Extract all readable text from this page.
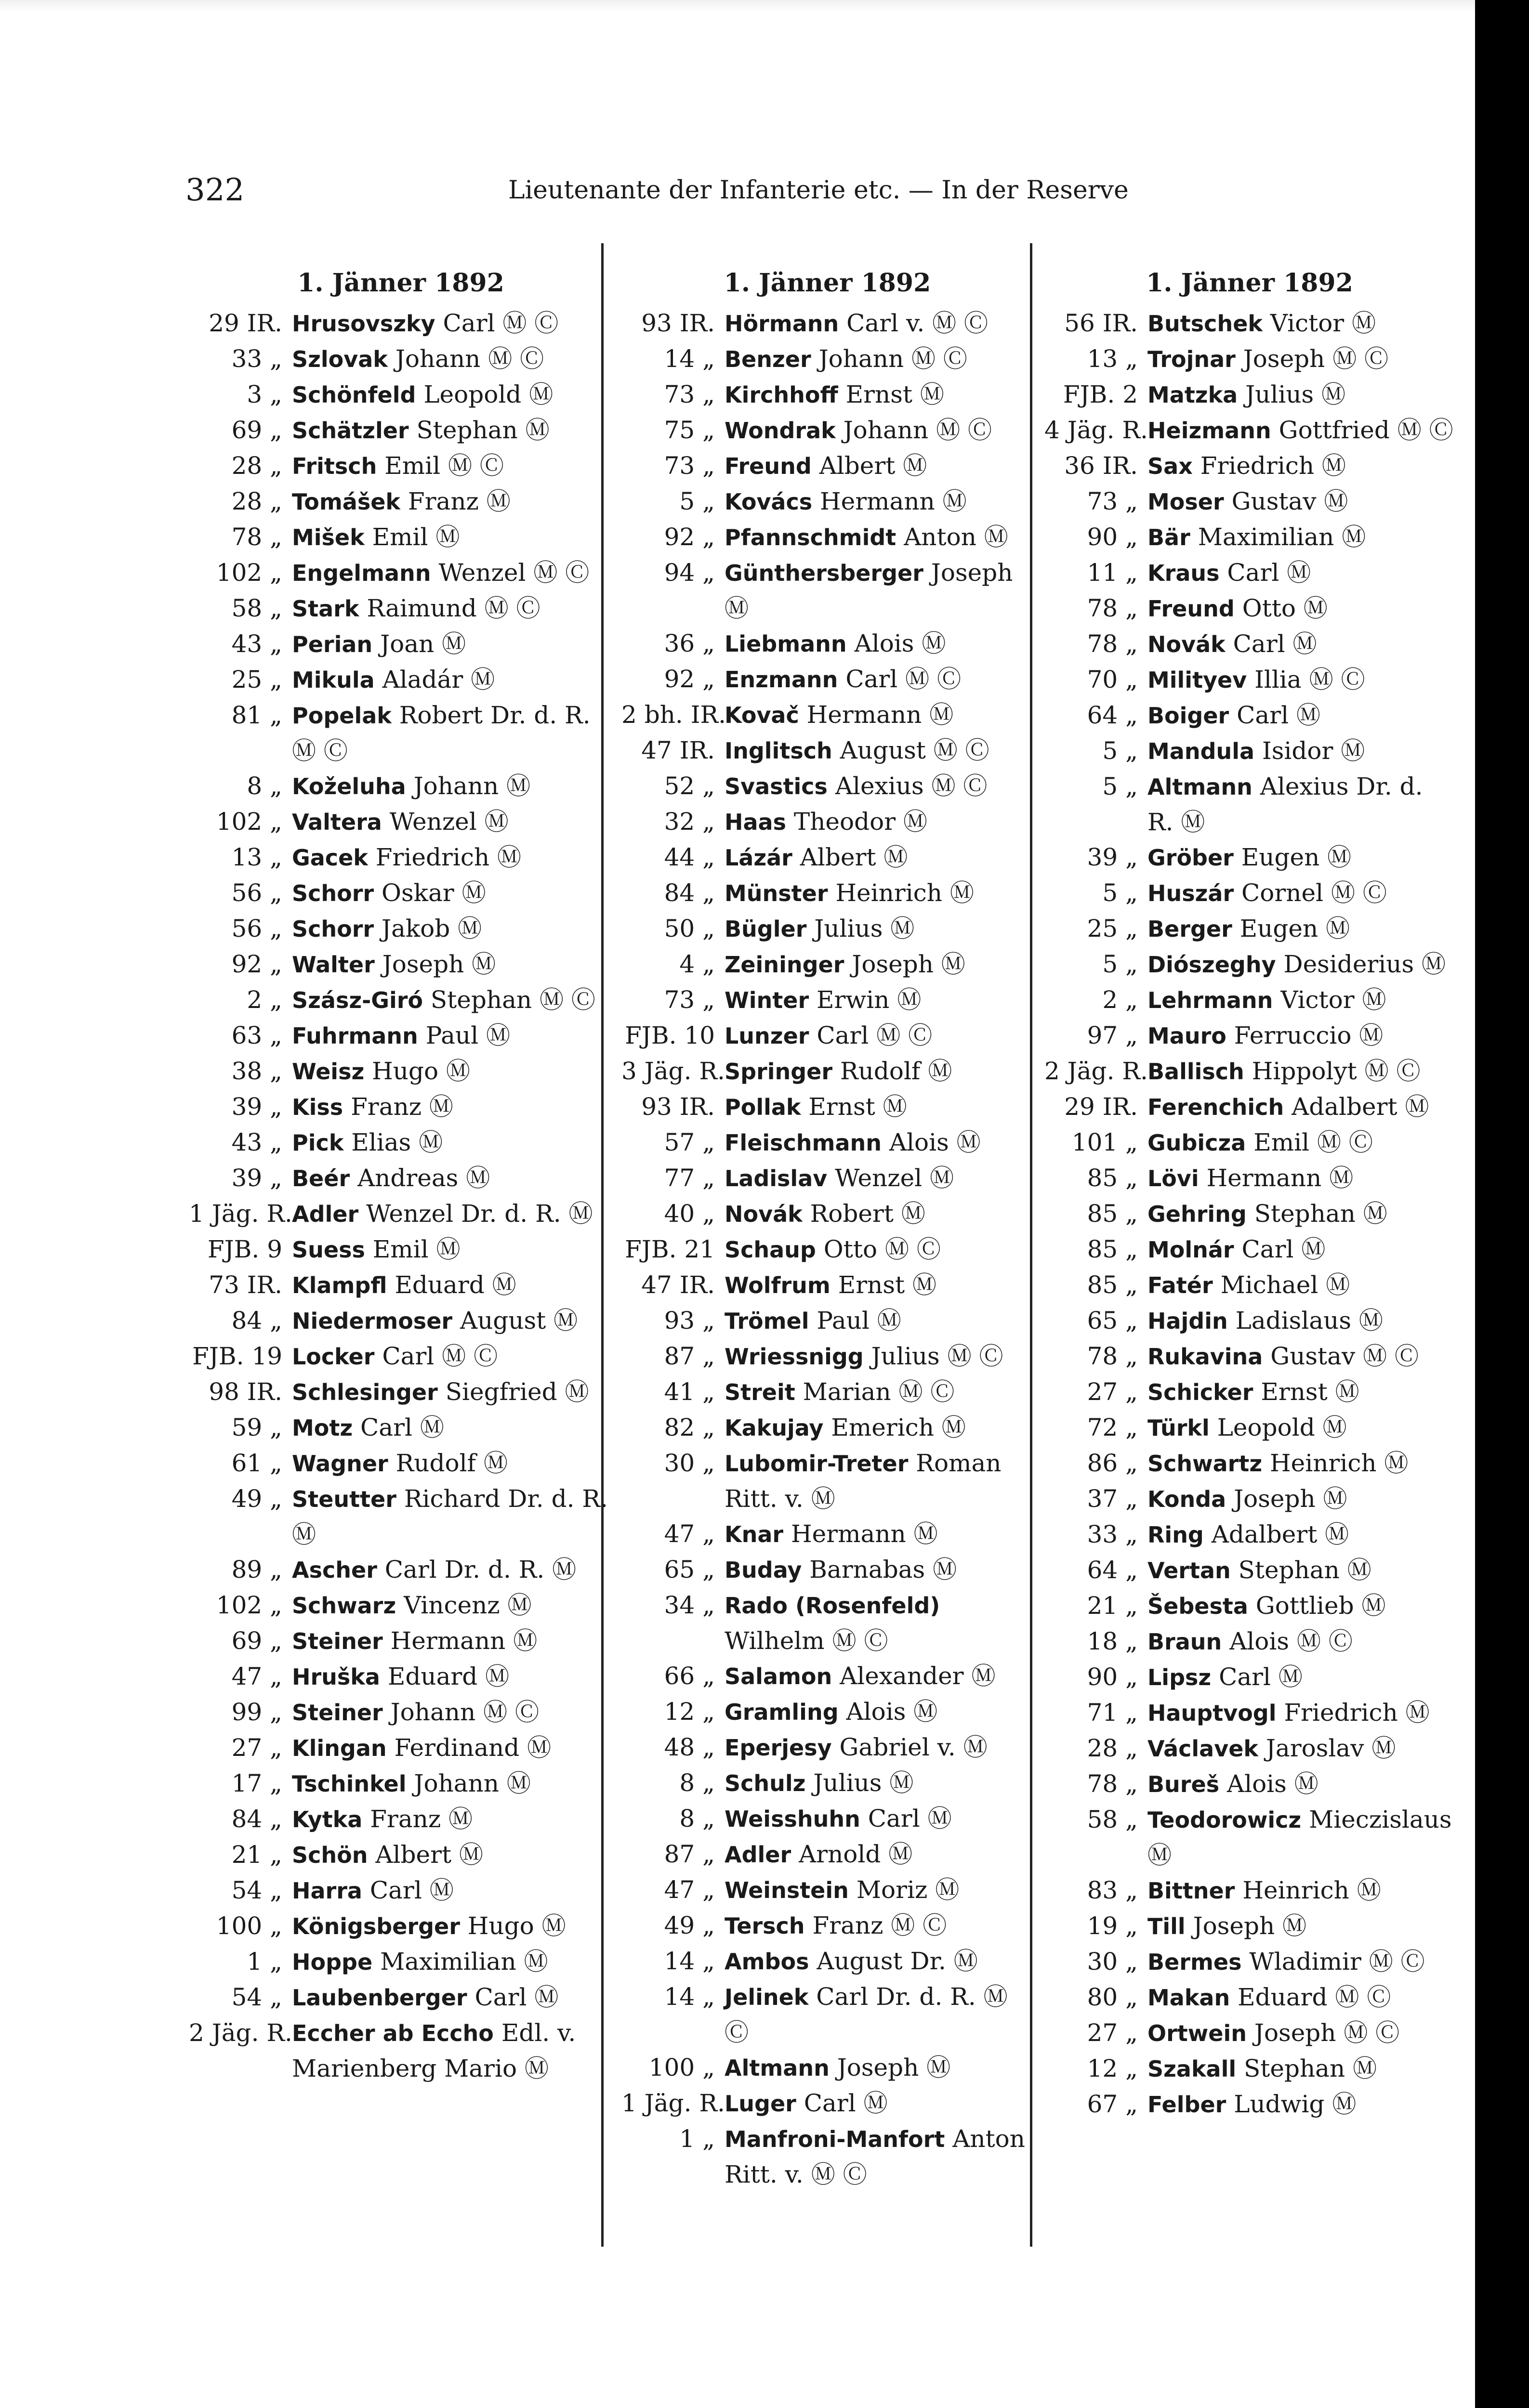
322	Lieutenante der Infanterie etc. — In der Reserve
1. Jänner 1892
29 IR. Hrusovszky Carl Ⓜ Ⓒ
33 „ Szlovak Johann Ⓜ Ⓒ
3 „ Schönfeld Leopold Ⓜ
69 „ Schätzler Stephan Ⓜ
28 „ Fritsch Emil Ⓜ Ⓒ
28 „ Tomášek Franz Ⓜ
78 „ Mišek Emil Ⓜ
102 „ Engelmann Wenzel Ⓜ Ⓒ
58 „ Stark Raimund Ⓜ Ⓒ
43 „ Perian Joan Ⓜ
25 „ Mikula Aladár Ⓜ
81 „ Popelak Robert Dr. d. R. Ⓜ Ⓒ
8 „ Koželuha Johann Ⓜ
102 „ Valtera Wenzel Ⓜ
13 „ Gacek Friedrich Ⓜ
56 „ Schorr Oskar Ⓜ
56 „ Schorr Jakob Ⓜ
92 „ Walter Joseph Ⓜ
2 „ Szász-Giró Stephan Ⓜ Ⓒ
63 „ Fuhrmann Paul Ⓜ
38 „ Weisz Hugo Ⓜ
39 „ Kiss Franz Ⓜ
43 „ Pick Elias Ⓜ
39 „ Beér Andreas Ⓜ
1 Jäg. R. Adler Wenzel Dr. d. R. Ⓜ
FJB. 9 Suess Emil Ⓜ
73 IR. Klampfl Eduard Ⓜ
84 „ Niedermoser August Ⓜ
FJB. 19 Locker Carl Ⓜ Ⓒ
98 IR. Schlesinger Siegfried Ⓜ
59 „ Motz Carl Ⓜ
61 „ Wagner Rudolf Ⓜ
49 „ Steutter Richard Dr. d. R. Ⓜ
89 „ Ascher Carl Dr. d. R. Ⓜ
102 „ Schwarz Vincenz Ⓜ
69 „ Steiner Hermann Ⓜ
47 „ Hruška Eduard Ⓜ
99 „ Steiner Johann Ⓜ Ⓒ
27 „ Klingan Ferdinand Ⓜ
17 „ Tschinkel Johann Ⓜ
84 „ Kytka Franz Ⓜ
21 „ Schön Albert Ⓜ
54 „ Harra Carl Ⓜ
100 „ Königsberger Hugo Ⓜ
1 „ Hoppe Maximilian Ⓜ
54 „ Laubenberger Carl Ⓜ
2 Jäg. R. Eccher ab Eccho Edl. v. Marienberg Mario Ⓜ
1. Jänner 1892
93 IR. Hörmann Carl v. Ⓜ Ⓒ
14 „ Benzer Johann Ⓜ Ⓒ
73 „ Kirchhoff Ernst Ⓜ
75 „ Wondrak Johann Ⓜ Ⓒ
73 „ Freund Albert Ⓜ
5 „ Kovács Hermann Ⓜ
92 „ Pfannschmidt Anton Ⓜ
94 „ Günthersberger Joseph Ⓜ
36 „ Liebmann Alois Ⓜ
92 „ Enzmann Carl Ⓜ Ⓒ
2 bh. IR.
Kovač Hermann Ⓜ
47 IR. Inglitsch August Ⓜ Ⓒ
52 „ Svastics Alexius Ⓜ Ⓒ
32 „ Haas Theodor Ⓜ
44 „ Lázár Albert Ⓜ
84 „ Münster Heinrich Ⓜ
50 „ Bügler Julius Ⓜ
4 „ Zeininger Joseph Ⓜ
73 „ Winter Erwin Ⓜ
FJB. 10 Lunzer Carl Ⓜ Ⓒ
3 Jäg. R. Springer Rudolf Ⓜ
93 IR. Pollak Ernst Ⓜ
57 „ Fleischmann Alois Ⓜ
77 „ Ladislav Wenzel Ⓜ
40 „ Novák Robert Ⓜ
FJB. 21 Schaup Otto Ⓜ Ⓒ
47 IR. Wolfrum Ernst Ⓜ
93 „ Trömel Paul Ⓜ
87 „ Wriessnigg Julius Ⓜ Ⓒ
41 „ Streit Marian Ⓜ Ⓒ
82 „ Kakujay Emerich Ⓜ
30 „ Lubomir-Treter Roman Ritt. v. Ⓜ
47 „ Knar Hermann Ⓜ
65 „ Buday Barnabas Ⓜ
34 „ Rado (Rosenfeld) Wilhelm Ⓜ Ⓒ
66 „ Salamon Alexander Ⓜ
12 „ Gramling Alois Ⓜ
48 „ Eperjesy Gabriel v. Ⓜ
8 „ Schulz Julius Ⓜ
8 „ Weisshuhn Carl Ⓜ
87 „ Adler Arnold Ⓜ
47 „ Weinstein Moriz Ⓜ
49 „ Tersch Franz Ⓜ Ⓒ
14 „ Ambos August Dr. Ⓜ
14 „ Jelinek Carl Dr. d. R. Ⓜ Ⓒ
100 „ Altmann Joseph Ⓜ
1 Jäg. R. Luger Carl Ⓜ
1 „ Manfroni-Manfort Anton Ritt. v. Ⓜ Ⓒ
1. Jänner 1892
56 IR. Butschek Victor Ⓜ
13 „ Trojnar Joseph Ⓜ Ⓒ
FJB. 2 Matzka Julius Ⓜ
4 Jäg. R. Heizmann Gottfried Ⓜ Ⓒ
36 IR. Sax Friedrich Ⓜ
73 „ Moser Gustav Ⓜ
90 „ Bär Maximilian Ⓜ
11 „ Kraus Carl Ⓜ
78 „ Freund Otto Ⓜ
78 „ Novák Carl Ⓜ
70 „ Milityev Illia Ⓜ Ⓒ
64 „ Boiger Carl Ⓜ
5 „ Mandula Isidor Ⓜ
5 „ Altmann Alexius Dr. d. R. Ⓜ
39 „ Gröber Eugen Ⓜ
5 „ Huszár Cornel Ⓜ Ⓒ
25 „ Berger Eugen Ⓜ
5 „ Diószeghy Desiderius Ⓜ
2 „ Lehrmann Victor Ⓜ
97 „ Mauro Ferruccio Ⓜ
2 Jäg. R. Ballisch Hippolyt Ⓜ Ⓒ
29 IR. Ferenchich Adalbert Ⓜ
101 „ Gubicza Emil Ⓜ Ⓒ
85 „ Lövi Hermann Ⓜ
85 „ Gehring Stephan Ⓜ
85 „ Molnár Carl Ⓜ
85 „ Fatér Michael Ⓜ
65 „ Hajdin Ladislaus Ⓜ
78 „ Rukavina Gustav Ⓜ Ⓒ
27 „ Schicker Ernst Ⓜ
72 „ Türkl Leopold Ⓜ
86 „ Schwartz Heinrich Ⓜ
37 „ Konda Joseph Ⓜ
33 „ Ring Adalbert Ⓜ
64 „ Vertan Stephan Ⓜ
21 „ Šebesta Gottlieb Ⓜ
18 „ Braun Alois Ⓜ Ⓒ
90 „ Lipsz Carl Ⓜ
71 „ Hauptvogl Friedrich Ⓜ
28 „ Václavek Jaroslav Ⓜ
78 „ Bureš Alois Ⓜ
58 „ Teodorowicz Mieczislaus Ⓜ
83 „ Bittner Heinrich Ⓜ
19 „ Till Joseph Ⓜ
30 „ Bermes Wladimir Ⓜ Ⓒ
80 „ Makan Eduard Ⓜ Ⓒ
27 „ Ortwein Joseph Ⓜ Ⓒ
12 „ Szakall Stephan Ⓜ
67 „ Felber Ludwig Ⓜ
